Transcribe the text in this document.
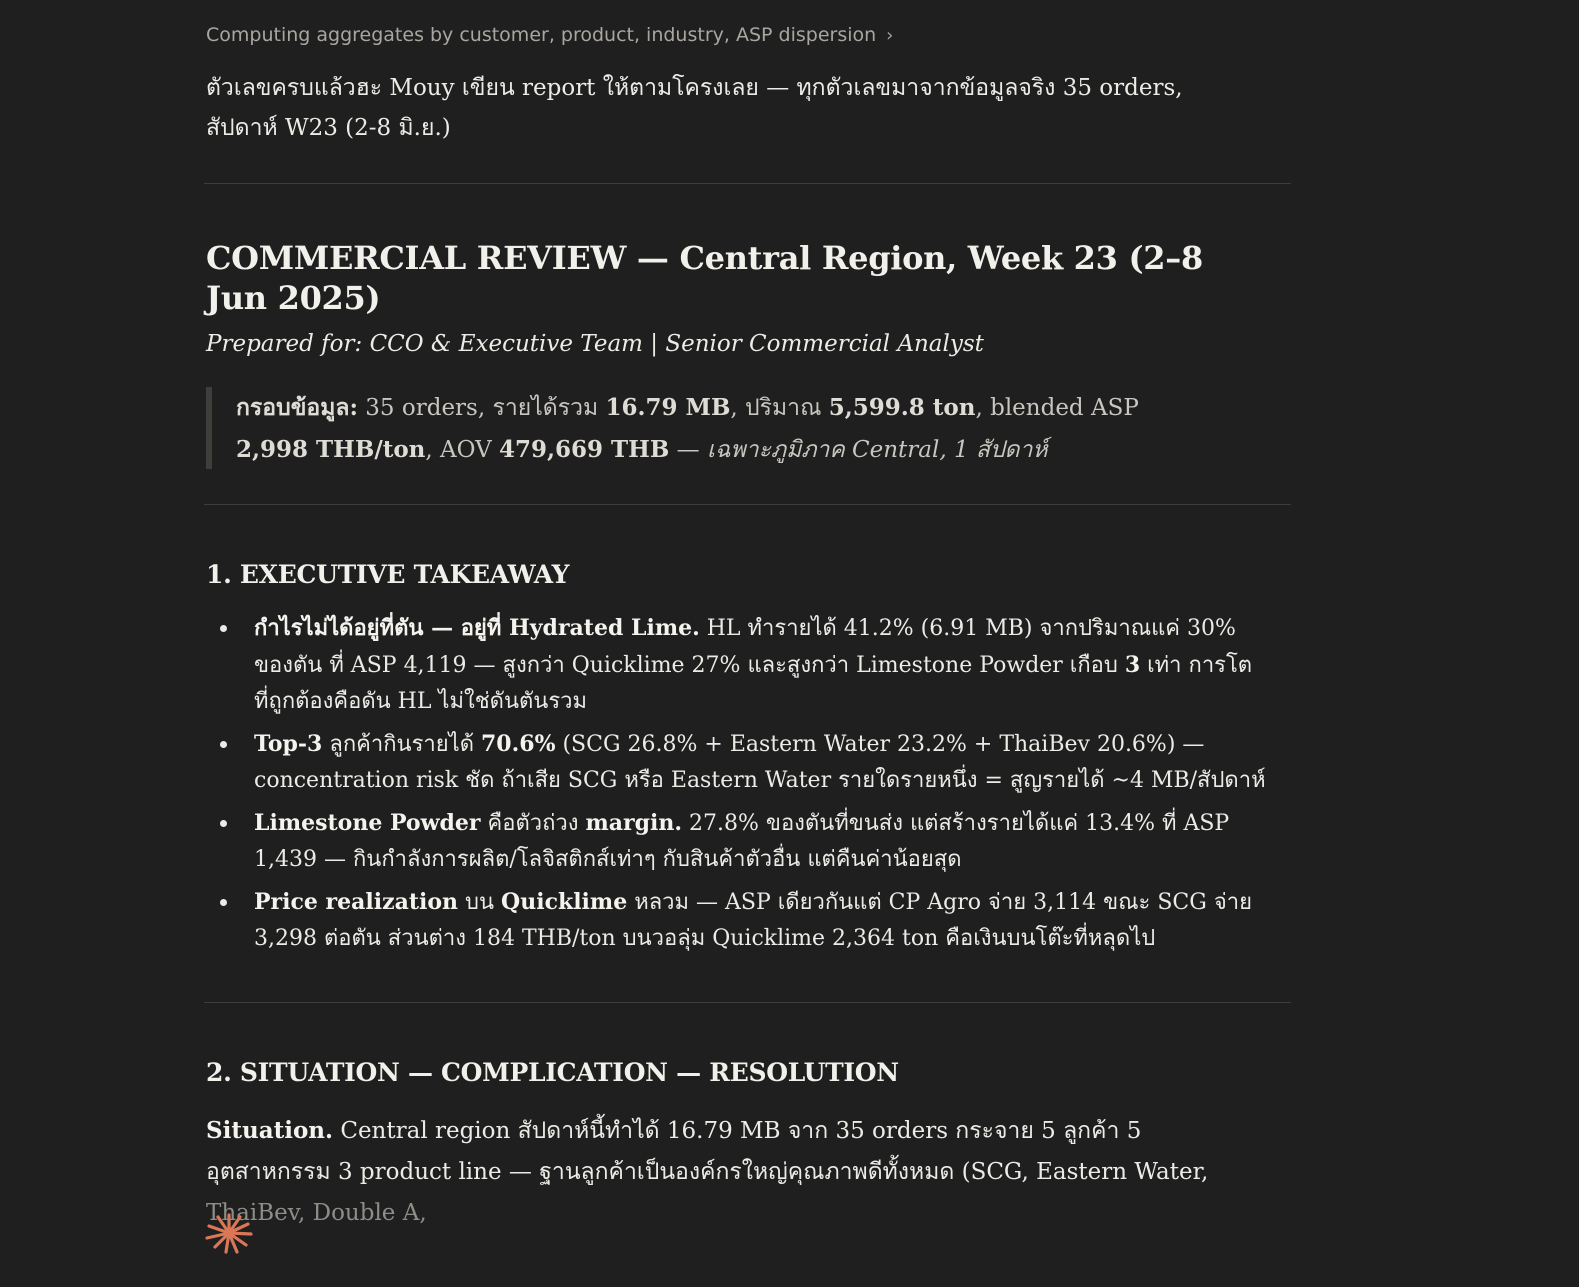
Computing aggregates by customer, product, industry, ASP dispersion ›
ตัวเลขครบแล้วฮะ Mouy เขียน report ให้ตามโครงเลย — ทุกตัวเลขมาจากข้อมูลจริง 35 orders, สัปดาห์ W23 (2-8 มิ.ย.)
COMMERCIAL REVIEW — Central Region, Week 23 (2–8 Jun 2025)
Prepared for: CCO & Executive Team | Senior Commercial Analyst
กรอบข้อมูล: 35 orders, รายได้รวม 16.79 MB, ปริมาณ 5,599.8 ton, blended ASP 2,998 THB/ton, AOV 479,669 THB — เฉพาะภูมิภาค Central, 1 สัปดาห์
1. EXECUTIVE TAKEAWAY
กำไรไม่ได้อยู่ที่ตัน — อยู่ที่ Hydrated Lime. HL ทำรายได้ 41.2% (6.91 MB) จากปริมาณแค่ 30% ของตัน ที่ ASP 4,119 — สูงกว่า Quicklime 27% และสูงกว่า Limestone Powder เกือบ 3 เท่า การโตที่ถูกต้องคือดัน HL ไม่ใช่ดันตันรวม
Top-3 ลูกค้ากินรายได้ 70.6% (SCG 26.8% + Eastern Water 23.2% + ThaiBev 20.6%) — concentration risk ชัด ถ้าเสีย SCG หรือ Eastern Water รายใดรายหนึ่ง = สูญรายได้ ~4 MB/สัปดาห์
Limestone Powder คือตัวถ่วง margin. 27.8% ของตันที่ขนส่ง แต่สร้างรายได้แค่ 13.4% ที่ ASP 1,439 — กินกำลังการผลิต/โลจิสติกส์เท่าๆ กับสินค้าตัวอื่น แต่คืนค่าน้อยสุด
Price realization บน Quicklime หลวม — ASP เดียวกันแต่ CP Agro จ่าย 3,114 ขณะ SCG จ่าย 3,298 ต่อตัน ส่วนต่าง 184 THB/ton บนวอลุ่ม Quicklime 2,364 ton คือเงินบนโต๊ะที่หลุดไป
2. SITUATION — COMPLICATION — RESOLUTION

Situation. Central region สัปดาห์นี้ทำได้ 16.79 MB จาก 35 orders กระจาย 5 ลูกค้า 5 อุตสาหกรรม 3 product line — ฐานลูกค้าเป็นองค์กรใหญ่คุณภาพดีทั้งหมด (SCG, Eastern Water, ThaiBev, Double A,
